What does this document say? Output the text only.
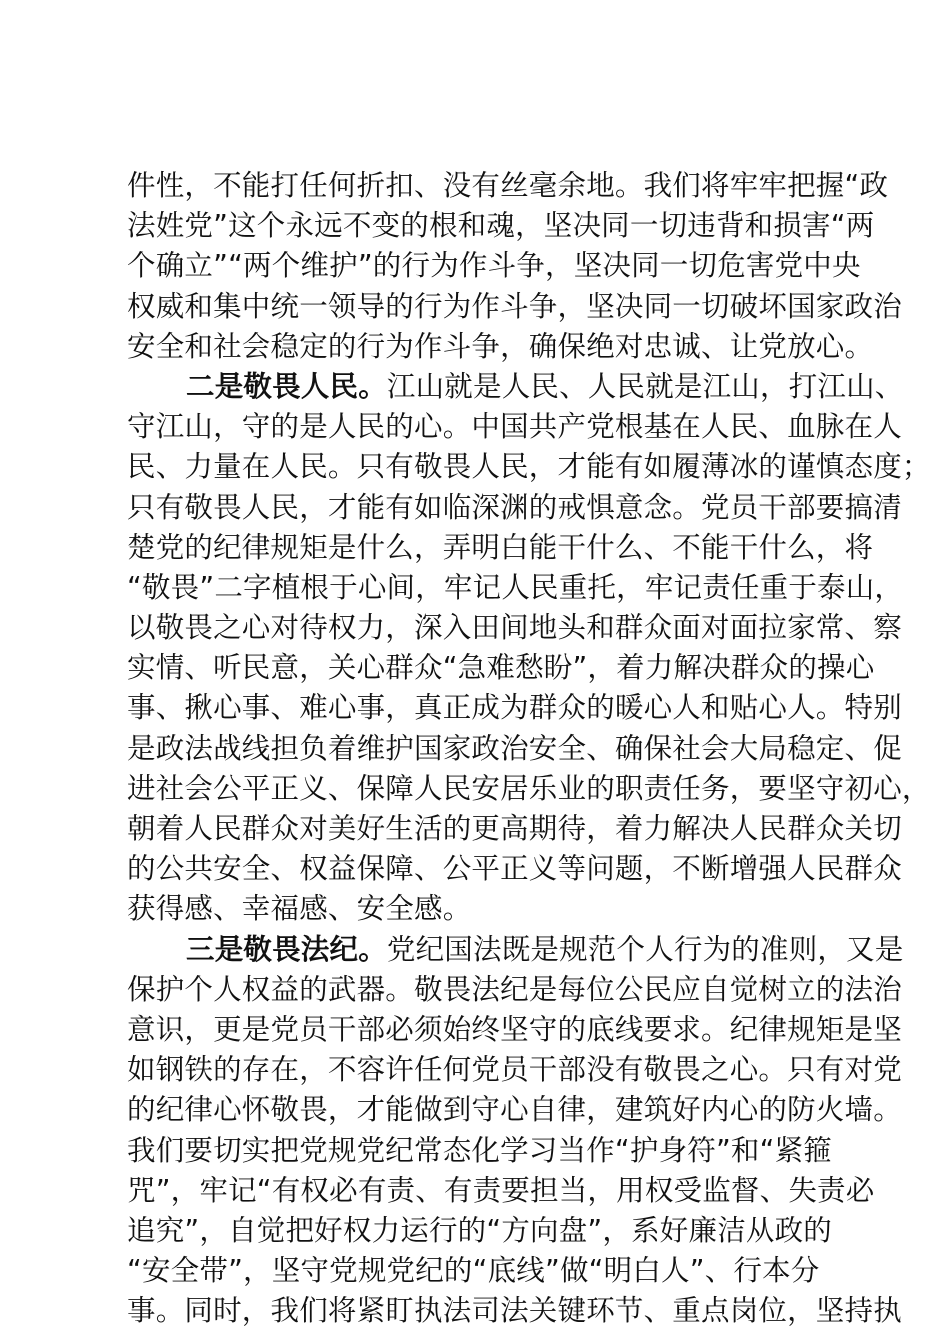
件性，不能打任何折扣、没有丝毫余地。我们将牢牢把握“政
法姓党”这个永远不变的根和魂，坚决同一切违背和损害“两
个确立”“两个维护”的行为作斗争，坚决同一切危害党中央
权威和集中统一领导的行为作斗争，坚决同一切破坏国家政治
安全和社会稳定的行为作斗争，确保绝对忠诚、让党放心。
二是敬畏人民。江山就是人民、人民就是江山，打江山、
守江山，守的是人民的心。中国共产党根基在人民、血脉在人
民、力量在人民。只有敬畏人民，才能有如履薄冰的谨慎态度；
只有敬畏人民，才能有如临深渊的戒惧意念。党员干部要搞清
楚党的纪律规矩是什么，弄明白能干什么、不能干什么，将
“敬畏”二字植根于心间，牢记人民重托，牢记责任重于泰山，
以敬畏之心对待权力，深入田间地头和群众面对面拉家常、察
实情、听民意，关心群众“急难愁盼”，着力解决群众的操心
事、揪心事、难心事，真正成为群众的暖心人和贴心人。特别
是政法战线担负着维护国家政治安全、确保社会大局稳定、促
进社会公平正义、保障人民安居乐业的职责任务，要坚守初心，
朝着人民群众对美好生活的更高期待，着力解决人民群众关切
的公共安全、权益保障、公平正义等问题，不断增强人民群众
获得感、幸福感、安全感。
三是敬畏法纪。党纪国法既是规范个人行为的准则，又是
保护个人权益的武器。敬畏法纪是每位公民应自觉树立的法治
意识，更是党员干部必须始终坚守的底线要求。纪律规矩是坚
如钢铁的存在，不容许任何党员干部没有敬畏之心。只有对党
的纪律心怀敬畏，才能做到守心自律，建筑好内心的防火墙。
我们要切实把党规党纪常态化学习当作“护身符”和“紧箍
咒”，牢记“有权必有责、有责要担当，用权受监督、失责必
追究”，自觉把好权力运行的“方向盘”，系好廉洁从政的
“安全带”，坚守党规党纪的“底线”做“明白人”、行本分
事。同时，我们将紧盯执法司法关键环节、重点岗位，坚持执
